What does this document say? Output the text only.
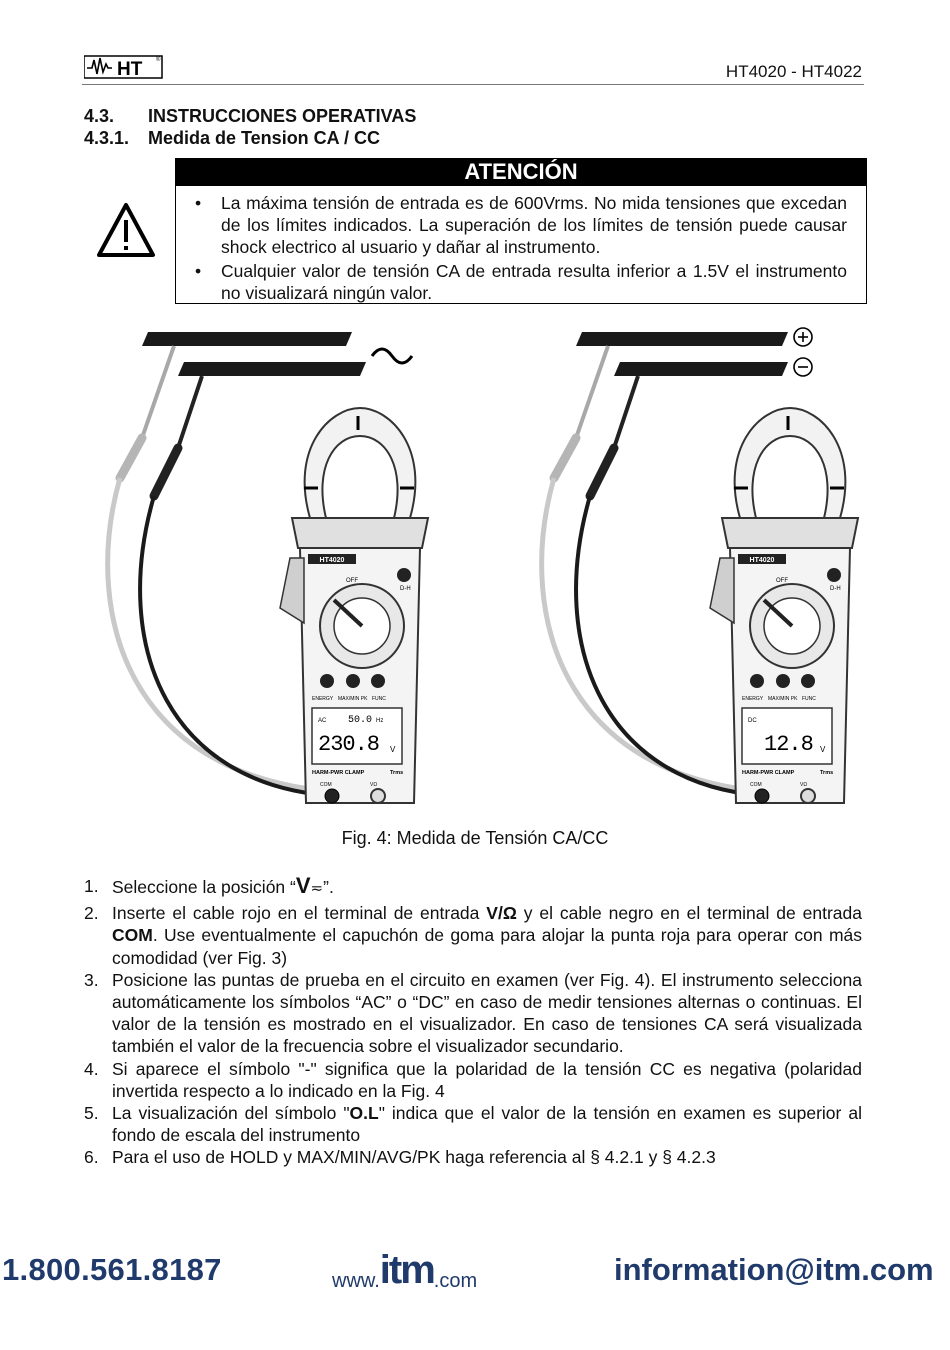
HT ®
HT4020 - HT4022
4.3. INSTRUCCIONES OPERATIVAS
4.3.1. Medida de Tension CA / CC
ATENCIÓN
• La máxima tensión de entrada es de 600Vrms. No mida tensiones que excedan de los límites indicados. La superación de los límites de tensión puede causar shock electrico al usuario y dañar al instrumento.
• Cualquier valor de tensión CA de entrada resulta inferior a 1.5V el instrumento no visualizará ningún valor.
HT4020
OFF
D-H
ENERGY MAX/MIN PK FUNC
AC 50.0 Hz
230.8 V
HARM-PWR CLAMP	Trms
COM	VΩ
HT4020
OFF
D-H
ENERGY MAX/MIN PK FUNC
DC
12.8 V
HARM-PWR CLAMP	Trms
COM	VΩ
Fig. 4: Medida de Tensión CA/CC
1. Seleccione la posición “V≂”.
2. Inserte el cable rojo en el terminal de entrada V/Ω y el cable negro en el terminal de entrada COM. Use eventualmente el capuchón de goma para alojar la punta roja para operar con más comodidad (ver Fig. 3)
3. Posicione las puntas de prueba en el circuito en examen (ver Fig. 4). El instrumento selecciona automáticamente los símbolos “AC” o “DC” en caso de medir tensiones alternas o continuas. El valor de la tensión es mostrado en el visualizador. En caso de tensiones CA será visualizada también el valor de la frecuencia sobre el visualizador secundario.
4. Si aparece el símbolo "-" significa que la polaridad de la tensión CC es negativa (polaridad invertida respecto a lo indicado en la Fig. 4
5. La visualización del símbolo "O.L" indica que el valor de la tensión en examen es superior al fondo de escala del instrumento
6. Para el uso de HOLD y MAX/MIN/AVG/PK haga referencia al § 4.2.1 y § 4.2.3
1.800.561.8187	www.itm.com	information@itm.com
